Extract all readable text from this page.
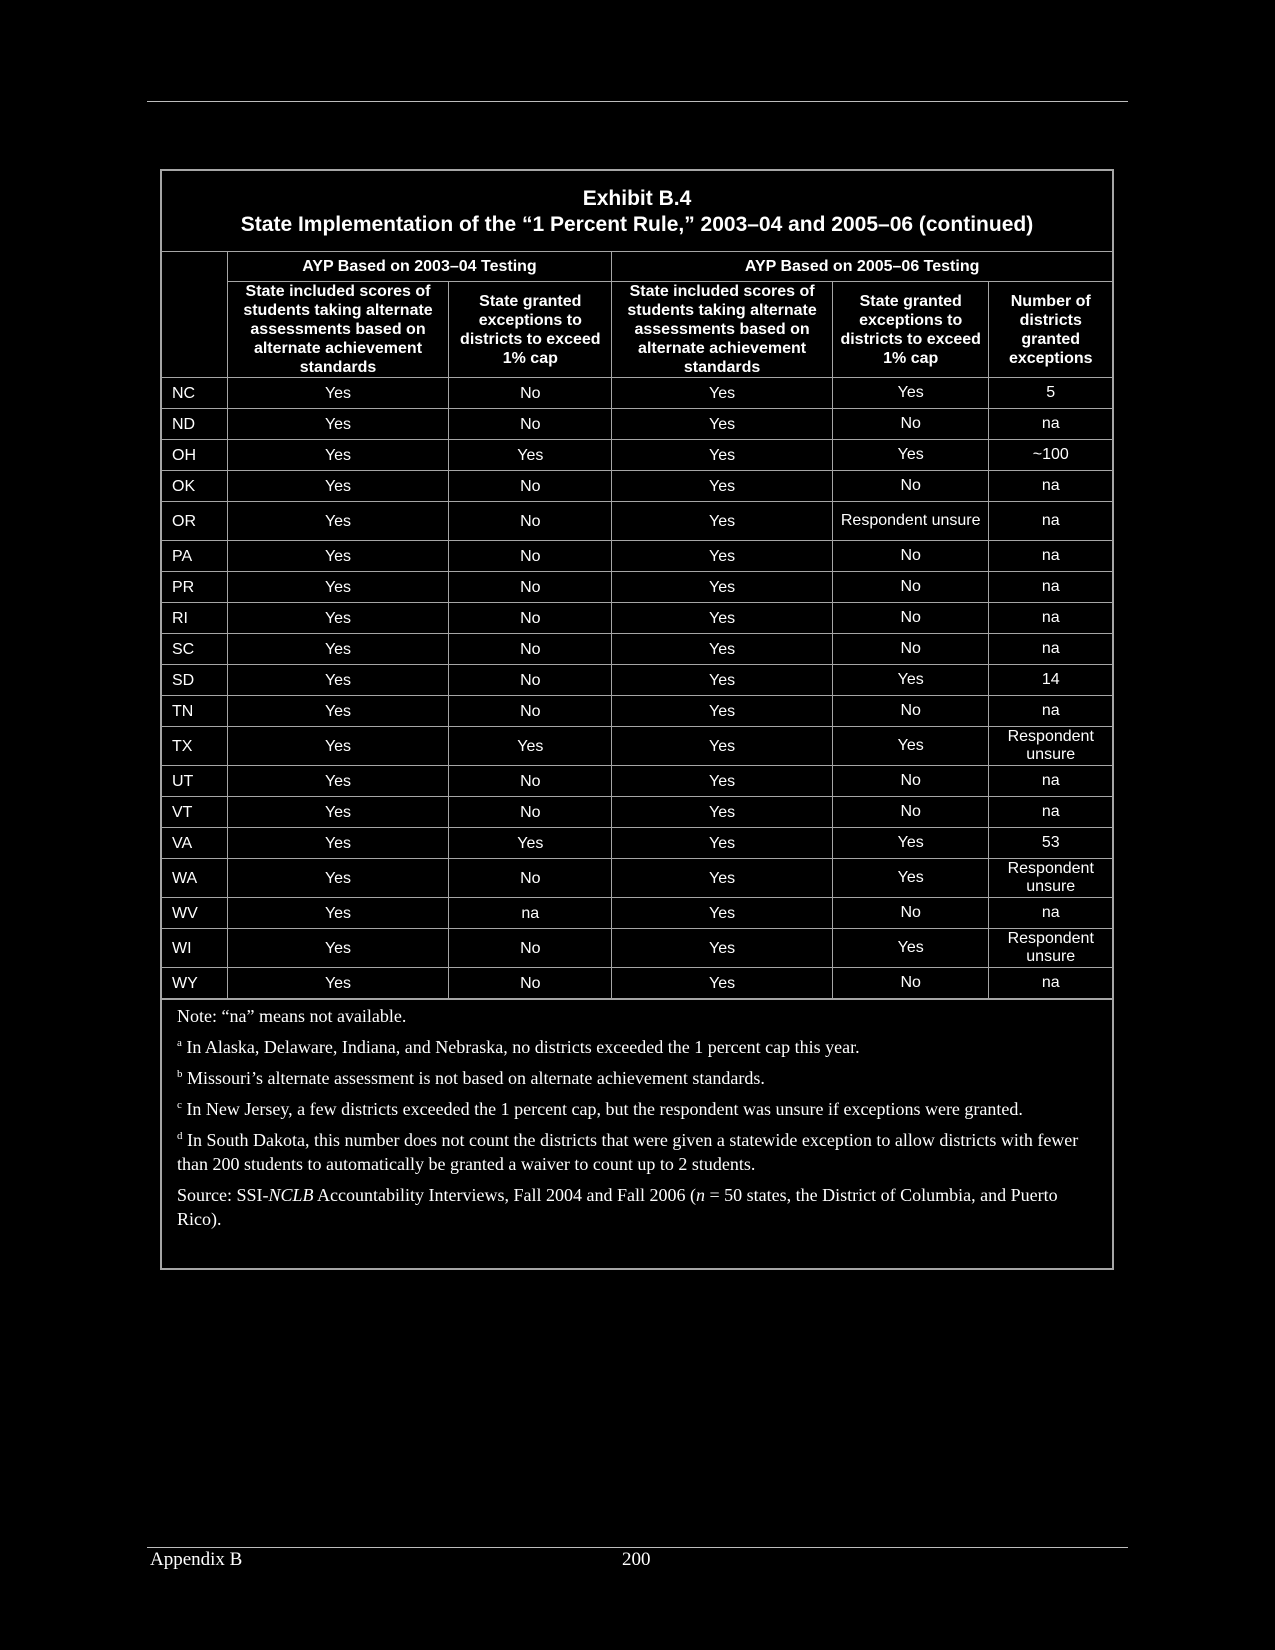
Exhibit B.4
State Implementation of the “1 Percent Rule,” 2003–04 and 2005–06 (continued)
	AYP Based on 2003–04 Testing		AYP Based on 2005–06 Testing		
	State included scores of students taking alternate assessments based on alternate achievement standards	State granted exceptions to districts to exceed 1% cap	State included scores of students taking alternate assessments based on alternate achievement standards	State granted exceptions to districts to exceed 1% cap	Number of districts granted exceptions
NC	Yes	No	Yes	Yes	5
ND	Yes	No	Yes	No	na
OH	Yes	Yes	Yes	Yes	~100
OK	Yes	No	Yes	No	na
OR	Yes	No	Yes	Respondent unsure	na
PA	Yes	No	Yes	No	na
PR	Yes	No	Yes	No	na
RI	Yes	No	Yes	No	na
SC	Yes	No	Yes	No	na
SD	Yes	No	Yes	Yes	14
TN	Yes	No	Yes	No	na
TX	Yes	Yes	Yes	Yes	Respondent unsure
UT	Yes	No	Yes	No	na
VT	Yes	No	Yes	No	na
VA	Yes	Yes	Yes	Yes	53
WA	Yes	No	Yes	Yes	Respondent unsure
WV	Yes	na	Yes	No	na
WI	Yes	No	Yes	Yes	Respondent unsure
WY	Yes	No	Yes	No	na

Note: “na” means not available.

$^a$ In Alaska, Delaware, Indiana, and Nebraska, no districts exceeded the 1 percent cap this year.

$^b$ Missouri’s alternate assessment is not based on alternate achievement standards.

$^c$ In New Jersey, a few districts exceeded the 1 percent cap, but the respondent was unsure if exceptions were granted.

$^d$ In South Dakota, this number does not count the districts that were given a statewide exception to allow districts with fewer than 200 students to automatically be granted a waiver to count up to 2 students.

Source: SSI-NCLB Accountability Interviews, Fall 2004 and Fall 2006 (n = 50 states, the District of Columbia, and Puerto Rico).

Appendix B	200
